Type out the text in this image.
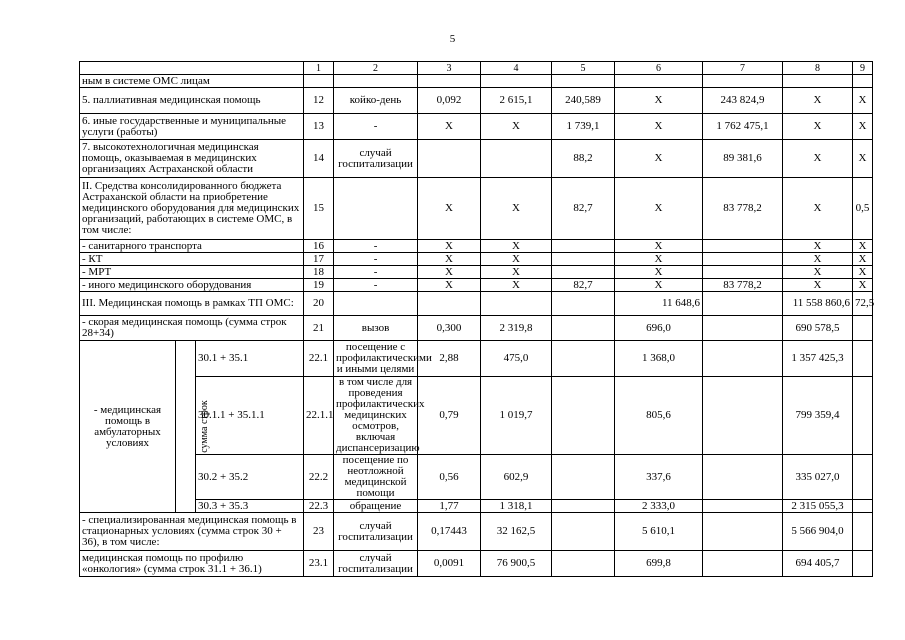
5
			1	2	3	4	5	6	7	8	9
ным в системе ОМС лицам											
5. паллиативная медицинская помощь			12	койко-день	0,092	2 615,1	240,589	X	243 824,9	X	X
6. иные государственные и муниципальные услуги (работы)			13	-	X	X	1 739,1	X	1 762 475,1	X	X
7. высокотехнологичная медицинская помощь, оказываемая в медицинских организациях Астраханской области			14	случай госпитализации			88,2	X	89 381,6	X	X
II. Средства консолидированного бюджета Астраханской области на приобретение медицинского оборудования для медицинских организаций, работающих в системе ОМС, в том числе:			15		X	X	82,7	X	83 778,2	X	0,5
- санитарного транспорта			16	-	X	X		X		X	X
- КТ			17	-	X	X		X		X	X
- МРТ			18	-	X	X		X		X	X
- иного медицинского оборудования			19	-	X	X	82,7	X	83 778,2	X	X
III. Медицинская помощь в рамках ТП ОМС:			20					11 648,6		11 558 860,6	72,5
- скорая медицинская помощь (сумма строк 28+34)			21	вызов	0,300	2 319,8		696,0		690 578,5	
- медицинская помощь в амбулаторных условиях	сумма строк	30.1 + 35.1	22.1	посещение с профилактическими и иными целями	2,88	475,0		1 368,0		1 357 425,3	
		30.1.1 + 35.1.1	22.1.1	в том числе для проведения профилактических медицинских осмотров, включая диспансеризацию	0,79	1 019,7		805,6		799 359,4	
		30.2 + 35.2	22.2	посещение по неотложной медицинской помощи	0,56	602,9		337,6		335 027,0	
		30.3 + 35.3	22.3	обращение	1,77	1 318,1		2 333,0		2 315 055,3	
- специализированная медицинская помощь в стационарных условиях (сумма строк 30 + 36), в том числе:			23	случай госпитализации	0,17443	32 162,5		5 610,1		5 566 904,0	
медицинская помощь по профилю «онкология» (сумма строк 31.1 + 36.1)			23.1	случай госпитализации	0,0091	76 900,5		699,8		694 405,7	
